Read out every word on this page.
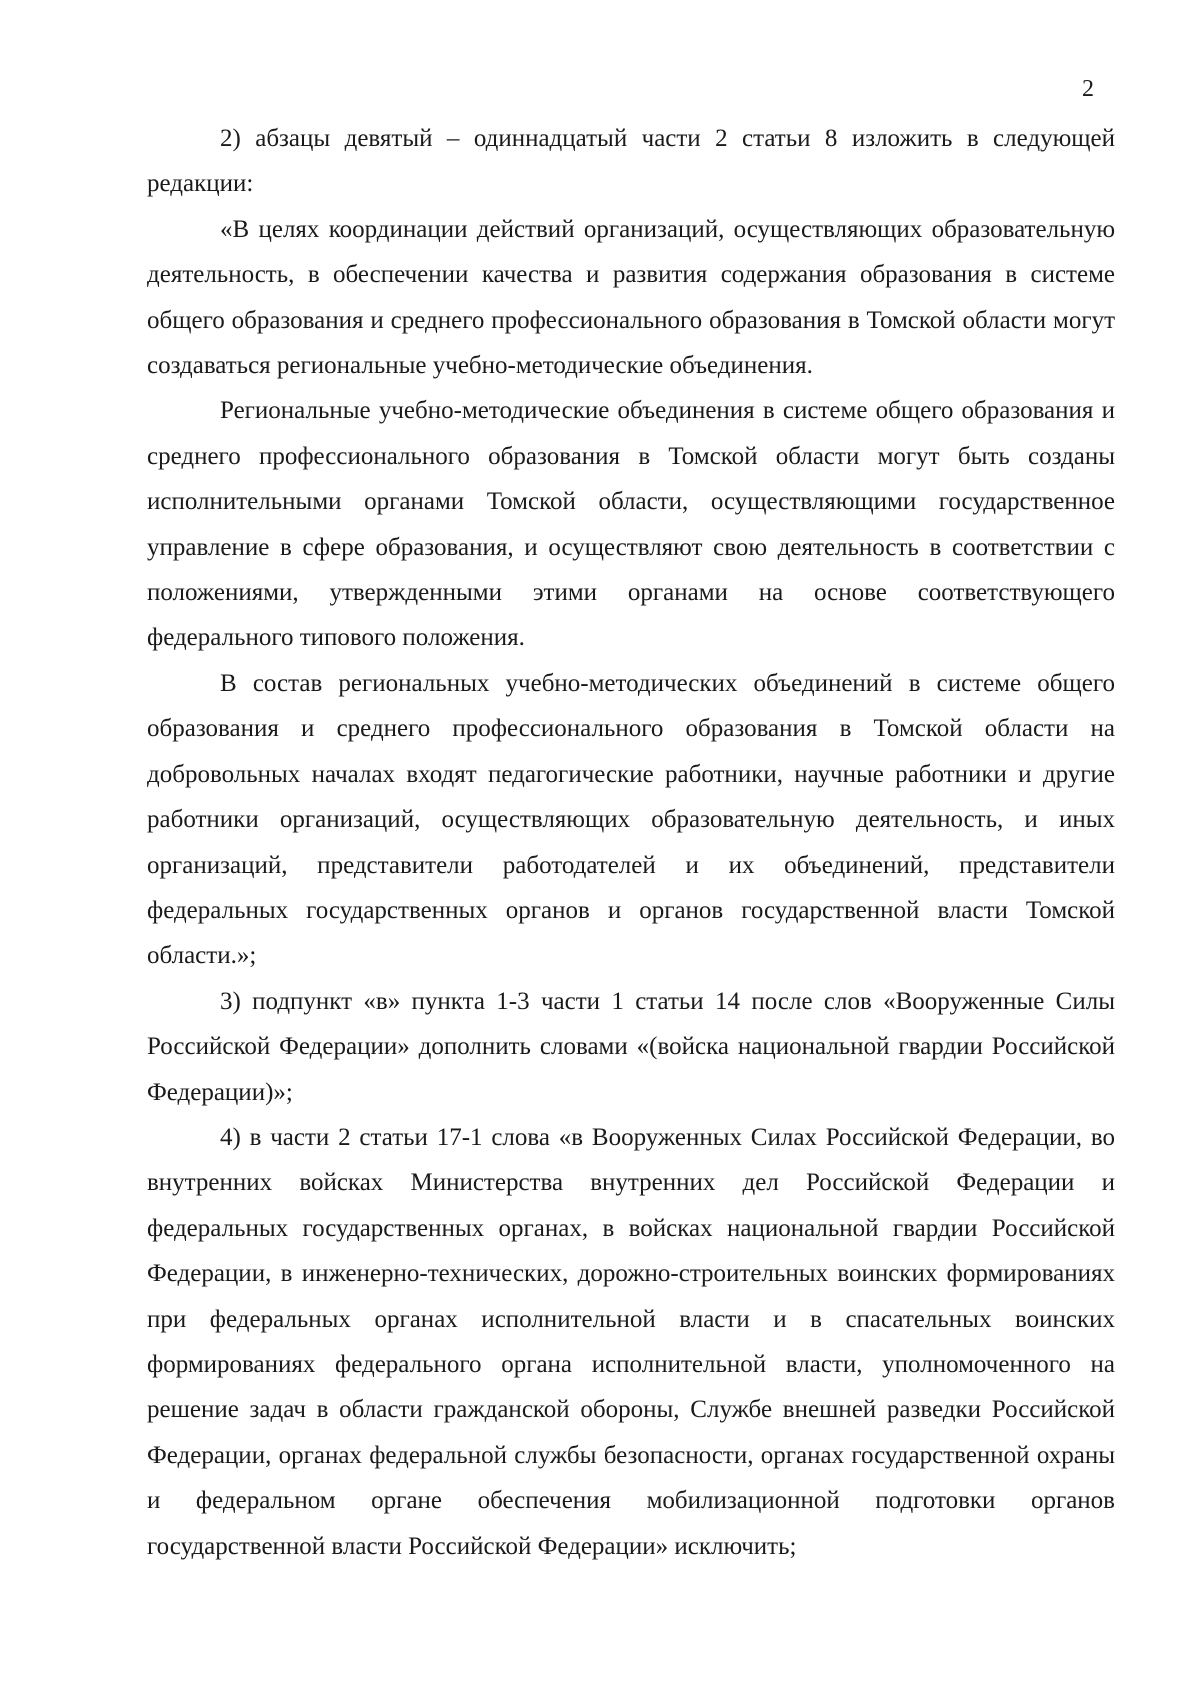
2

2) абзацы девятый – одиннадцатый части 2 статьи 8 изложить в следующей редакции:

«В целях координации действий организаций, осуществляющих образовательную деятельность, в обеспечении качества и развития содержания образования в системе общего образования и среднего профессионального образования в Томской области могут создаваться региональные учебно-методические объединения.

Региональные учебно-методические объединения в системе общего образования и среднего профессионального образования в Томской области могут быть созданы исполнительными органами Томской области, осуществляющими государственное управление в сфере образования, и осуществляют свою деятельность в соответствии с положениями, утвержденными этими органами на основе соответствующего федерального типового положения.

В состав региональных учебно-методических объединений в системе общего образования и среднего профессионального образования в Томской области на добровольных началах входят педагогические работники, научные работники и другие работники организаций, осуществляющих образовательную деятельность, и иных организаций, представители работодателей и их объединений, представители федеральных государственных органов и органов государственной власти Томской области.»;

3) подпункт «в» пункта 1-3 части 1 статьи 14 после слов «Вооруженные Силы Российской Федерации» дополнить словами «(войска национальной гвардии Российской Федерации)»;

4) в части 2 статьи 17-1 слова «в Вооруженных Силах Российской Федерации, во внутренних войсках Министерства внутренних дел Российской Федерации и федеральных государственных органах, в войсках национальной гвардии Российской Федерации, в инженерно-технических, дорожно-строительных воинских формированиях при федеральных органах исполнительной власти и в спасательных воинских формированиях федерального органа исполнительной власти, уполномоченного на решение задач в области гражданской обороны, Службе внешней разведки Российской Федерации, органах федеральной службы безопасности, органах государственной охраны и федеральном органе обеспечения мобилизационной подготовки органов государственной власти Российской Федерации» исключить;
